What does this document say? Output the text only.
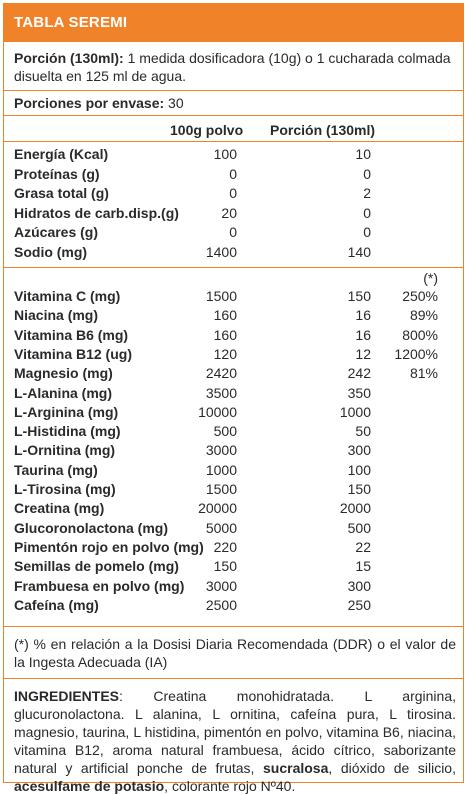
TABLA SEREMI
Porción (130ml): 1 medida dosificadora (10g) o 1 cucharada colmada disuelta en 125 ml de agua.
Porciones por envase: 30
100g polvo Porción (130ml)
Energía (Kcal)	100	10
Proteínas (g)	0	0
Grasa total (g)	0	2
Hidratos de carb.disp.(g)	20	0
Azúcares (g)	0	0
Sodio (mg)	1400	140
(*)
Vitamina C (mg)	1500	150 250%
Niacina (mg)	160	16	89%
Vitamina B6 (mg)	160	16 800%
Vitamina B12 (ug)	120	12 1200%
Magnesio (mg)	2420	242	81%
L-Alanina (mg)	3500	350
L-Arginina (mg)	10000	1000
L-Histidina (mg)	500	50
L-Ornitina (mg)	3000	300
Taurina (mg)	1000	100
L-Tirosina (mg)	1500	150
Creatina (mg)	20000	2000
Glucoronolactona (mg)	5000	500
Pimentón rojo en polvo (mg) 220	22
Semillas de pomelo (mg) 150	15
Frambuesa en polvo (mg) 3000	300
Cafeína (mg)	2500	250
(*) % en relación a la Dosisi Diaria Recomendada (DDR) o el valor de la Ingesta Adecuada (IA)
INGREDIENTES: Creatina monohidratada. L arginina, glucuronolactona. L alanina, L ornitina, cafeína pura, L tirosina. magnesio, taurina, L histidina, pimentón en polvo, vitamina B6, niacina, vitamina B12, aroma natural frambuesa, ácido cítrico, saborizante natural y artificial ponche de frutas, sucralosa, dióxido de silicio, acesulfame de potasio, colorante rojo Nº40.
